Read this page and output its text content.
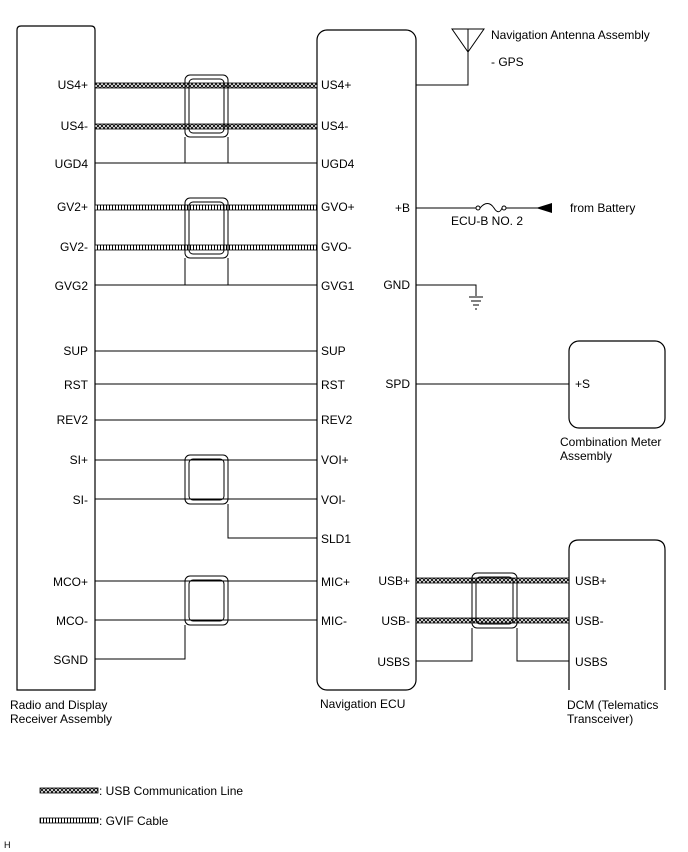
US4+
US4-
UGD4
GV2+
GV2-
GVG2
SUP
RST
REV2
SI+
SI-
MCO+
MCO-
SGND
US4+
US4-
UGD4
GVO+
GVO-
GVG1
SUP
RST
REV2
VOI+
VOI-
SLD1
MIC+
MIC-
+B
GND
SPD
USB+
USB-
USBS
USB+
USB-
USBS
Navigation Antenna Assembly
- GPS
ECU-B NO. 2
from Battery
+S
Combination Meter
Assembly
Radio and Display
Receiver Assembly
Navigation ECU	DCM (Telematics
Transceiver)
: USB Communication Line
: GVIF Cable
H
